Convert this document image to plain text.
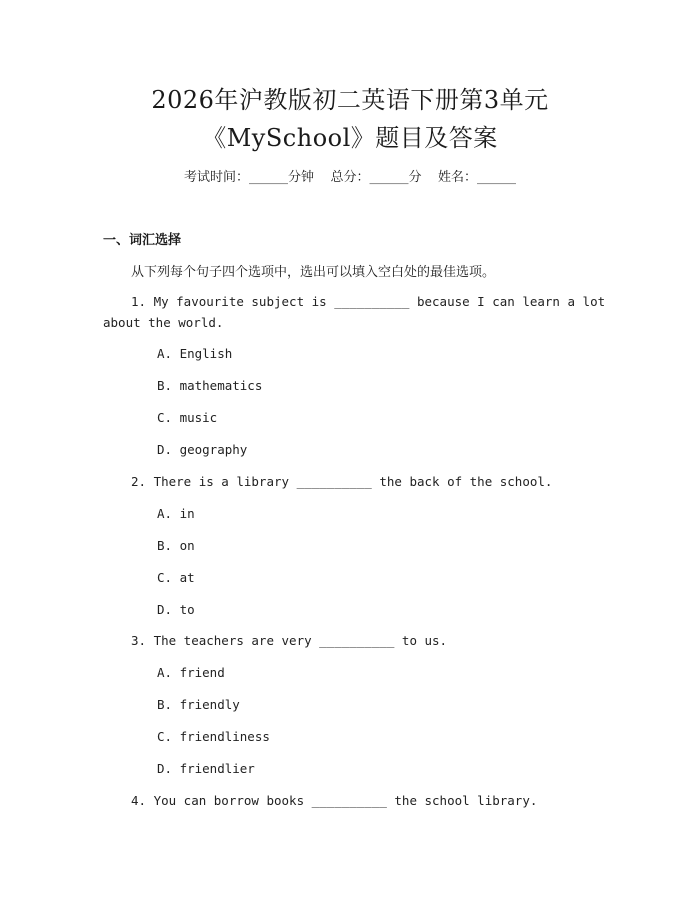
2026年沪教版初二英语下册第3单元
《MySchool》题目及答案
考试时间：______分钟    总分：______分    姓名：______
一、词汇选择
从下列每个句子四个选项中，选出可以填入空白处的最佳选项。
1. My favourite subject is __________ because I can learn a lot
about the world.
A. English
B. mathematics
C. music
D. geography
2. There is a library __________ the back of the school.
A. in
B. on
C. at
D. to
3. The teachers are very __________ to us.
A. friend
B. friendly
C. friendliness
D. friendlier
4. You can borrow books __________ the school library.
